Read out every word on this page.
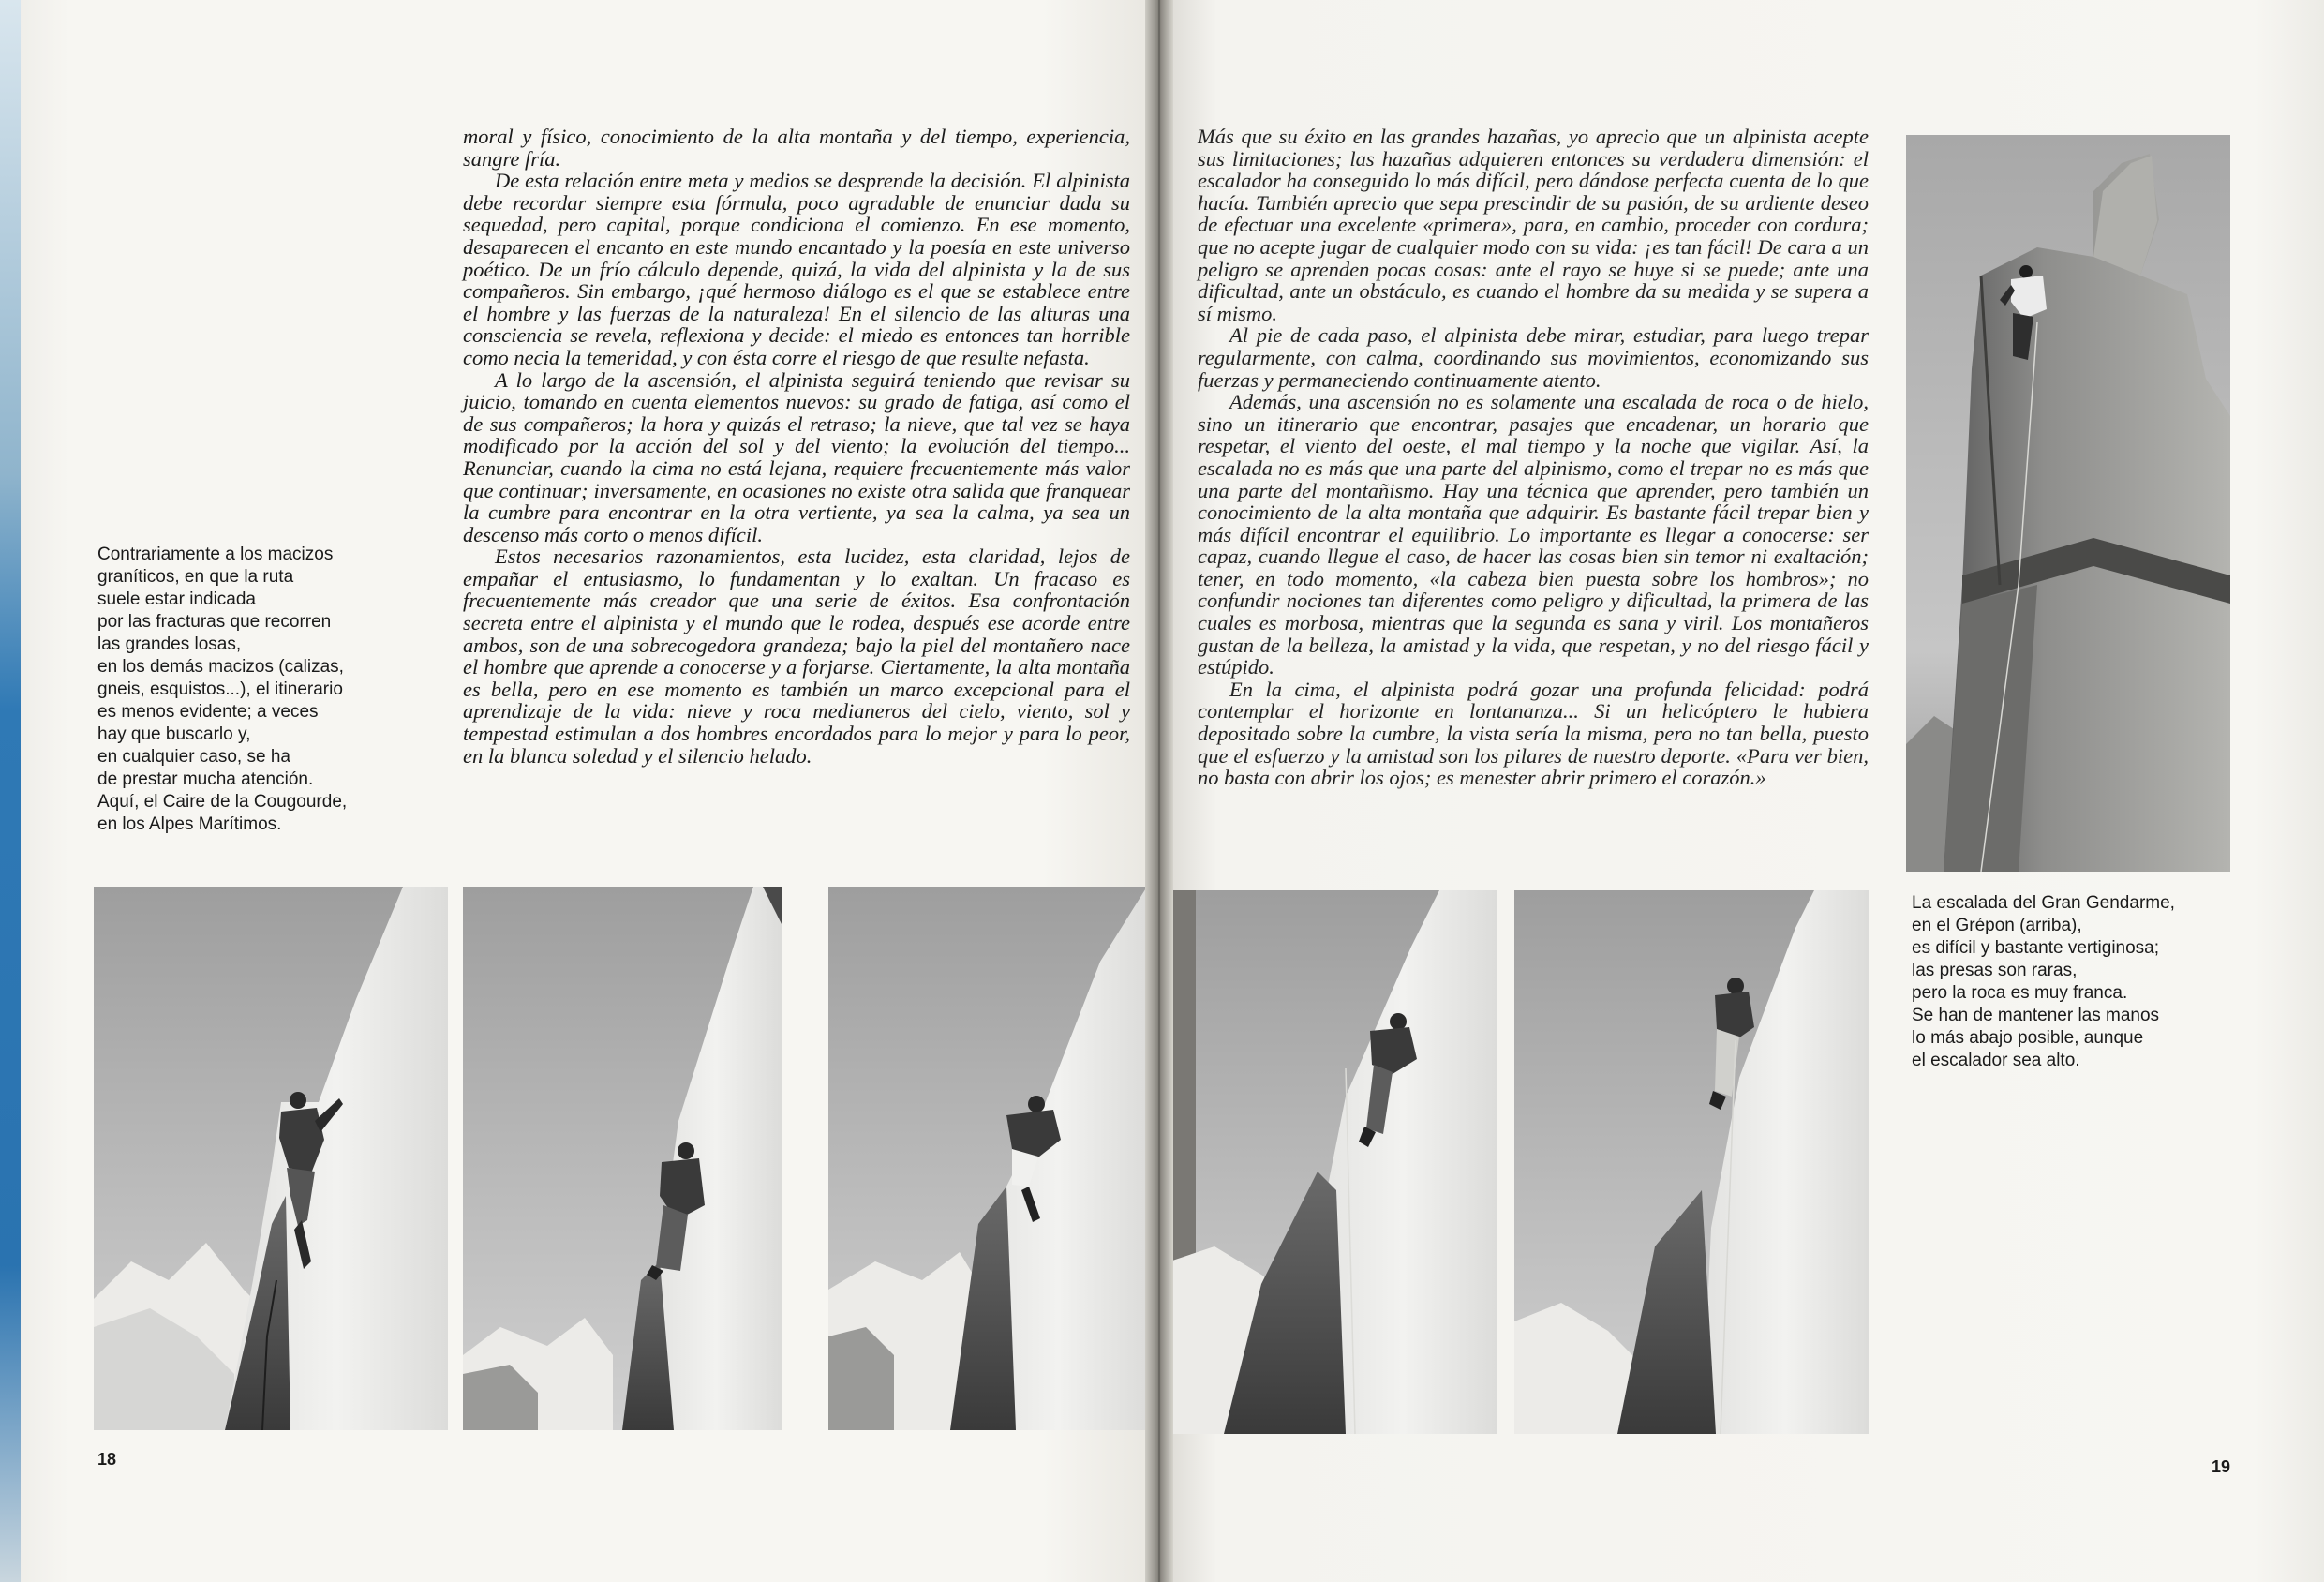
Contrariamente a los macizos
graníticos, en que la ruta
suele estar indicada
por las fracturas que recorren
las grandes losas,
en los demás macizos (calizas,
gneis, esquistos...), el itinerario
es menos evidente; a veces
hay que buscarlo y,
en cualquier caso, se ha
de prestar mucha atención.
Aquí, el Caire de la Cougourde,
en los Alpes Marítimos.

moral y físico, conocimiento de la alta montaña y del tiempo, experiencia, sangre fría.

De esta relación entre meta y medios se desprende la decisión. El alpinista debe recordar siempre esta fórmula, poco agradable de enunciar dada su sequedad, pero capital, porque condiciona el comienzo. En ese momento, desaparecen el encanto en este mundo encantado y la poesía en este universo poético. De un frío cálculo depende, quizá, la vida del alpinista y la de sus compañeros. Sin embargo, ¡qué hermoso diálogo es el que se establece entre el hombre y las fuerzas de la naturaleza! En el silencio de las alturas una consciencia se revela, reflexiona y decide: el miedo es entonces tan horrible como necia la temeridad, y con ésta corre el riesgo de que resulte nefasta.

A lo largo de la ascensión, el alpinista seguirá teniendo que revisar su juicio, tomando en cuenta elementos nuevos: su grado de fatiga, así como el de sus compañeros; la hora y quizás el retraso; la nieve, que tal vez se haya modificado por la acción del sol y del viento; la evolución del tiempo... Renunciar, cuando la cima no está lejana, requiere frecuentemente más valor que continuar; inversamente, en ocasiones no existe otra salida que franquear la cumbre para encontrar en la otra vertiente, ya sea la calma, ya sea un descenso más corto o menos difícil.

Estos necesarios razonamientos, esta lucidez, esta claridad, lejos de empañar el entusiasmo, lo fundamentan y lo exaltan. Un fracaso es frecuentemente más creador que una serie de éxitos. Esa confrontación secreta entre el alpinista y el mundo que le rodea, después ese acorde entre ambos, son de una sobrecogedora grandeza; bajo la piel del montañero nace el hombre que aprende a conocerse y a forjarse. Ciertamente, la alta montaña es bella, pero en ese momento es también un marco excepcional para el aprendizaje de la vida: nieve y roca medianeros del cielo, viento, sol y tempestad estimulan a dos hombres encordados para lo mejor y para lo peor, en la blanca soledad y el silencio helado.

18

Más que su éxito en las grandes hazañas, yo aprecio que un alpinista acepte sus limitaciones; las hazañas adquieren entonces su verdadera dimensión: el escalador ha conseguido lo más difícil, pero dándose perfecta cuenta de lo que hacía. También aprecio que sepa prescindir de su pasión, de su ardiente deseo de efectuar una excelente «primera», para, en cambio, proceder con cordura; que no acepte jugar de cualquier modo con su vida: ¡es tan fácil! De cara a un peligro se aprenden pocas cosas: ante el rayo se huye si se puede; ante una dificultad, ante un obstáculo, es cuando el hombre da su medida y se supera a sí mismo.

Al pie de cada paso, el alpinista debe mirar, estudiar, para luego trepar regularmente, con calma, coordinando sus movimientos, economizando sus fuerzas y permaneciendo continuamente atento.

Además, una ascensión no es solamente una escalada de roca o de hielo, sino un itinerario que encontrar, pasajes que encadenar, un horario que respetar, el viento del oeste, el mal tiempo y la noche que vigilar. Así, la escalada no es más que una parte del alpinismo, como el trepar no es más que una parte del montañismo. Hay una técnica que aprender, pero también un conocimiento de la alta montaña que adquirir. Es bastante fácil trepar bien y más difícil encontrar el equilibrio. Lo importante es llegar a conocerse: ser capaz, cuando llegue el caso, de hacer las cosas bien sin temor ni exaltación; tener, en todo momento, «la cabeza bien puesta sobre los hombros»; no confundir nociones tan diferentes como peligro y dificultad, la primera de las cuales es morbosa, mientras que la segunda es sana y viril. Los montañeros gustan de la belleza, la amistad y la vida, que respetan, y no del riesgo fácil y estúpido.

En la cima, el alpinista podrá gozar una profunda felicidad: podrá contemplar el horizonte en lontananza... Si un helicóptero le hubiera depositado sobre la cumbre, la vista sería la misma, pero no tan bella, puesto que el esfuerzo y la amistad son los pilares de nuestro deporte. «Para ver bien, no basta con abrir los ojos; es menester abrir primero el corazón.»

La escalada del Gran Gendarme,
en el Grépon (arriba),
es difícil y bastante vertiginosa;
las presas son raras,
pero la roca es muy franca.
Se han de mantener las manos
lo más abajo posible, aunque
el escalador sea alto.
19
